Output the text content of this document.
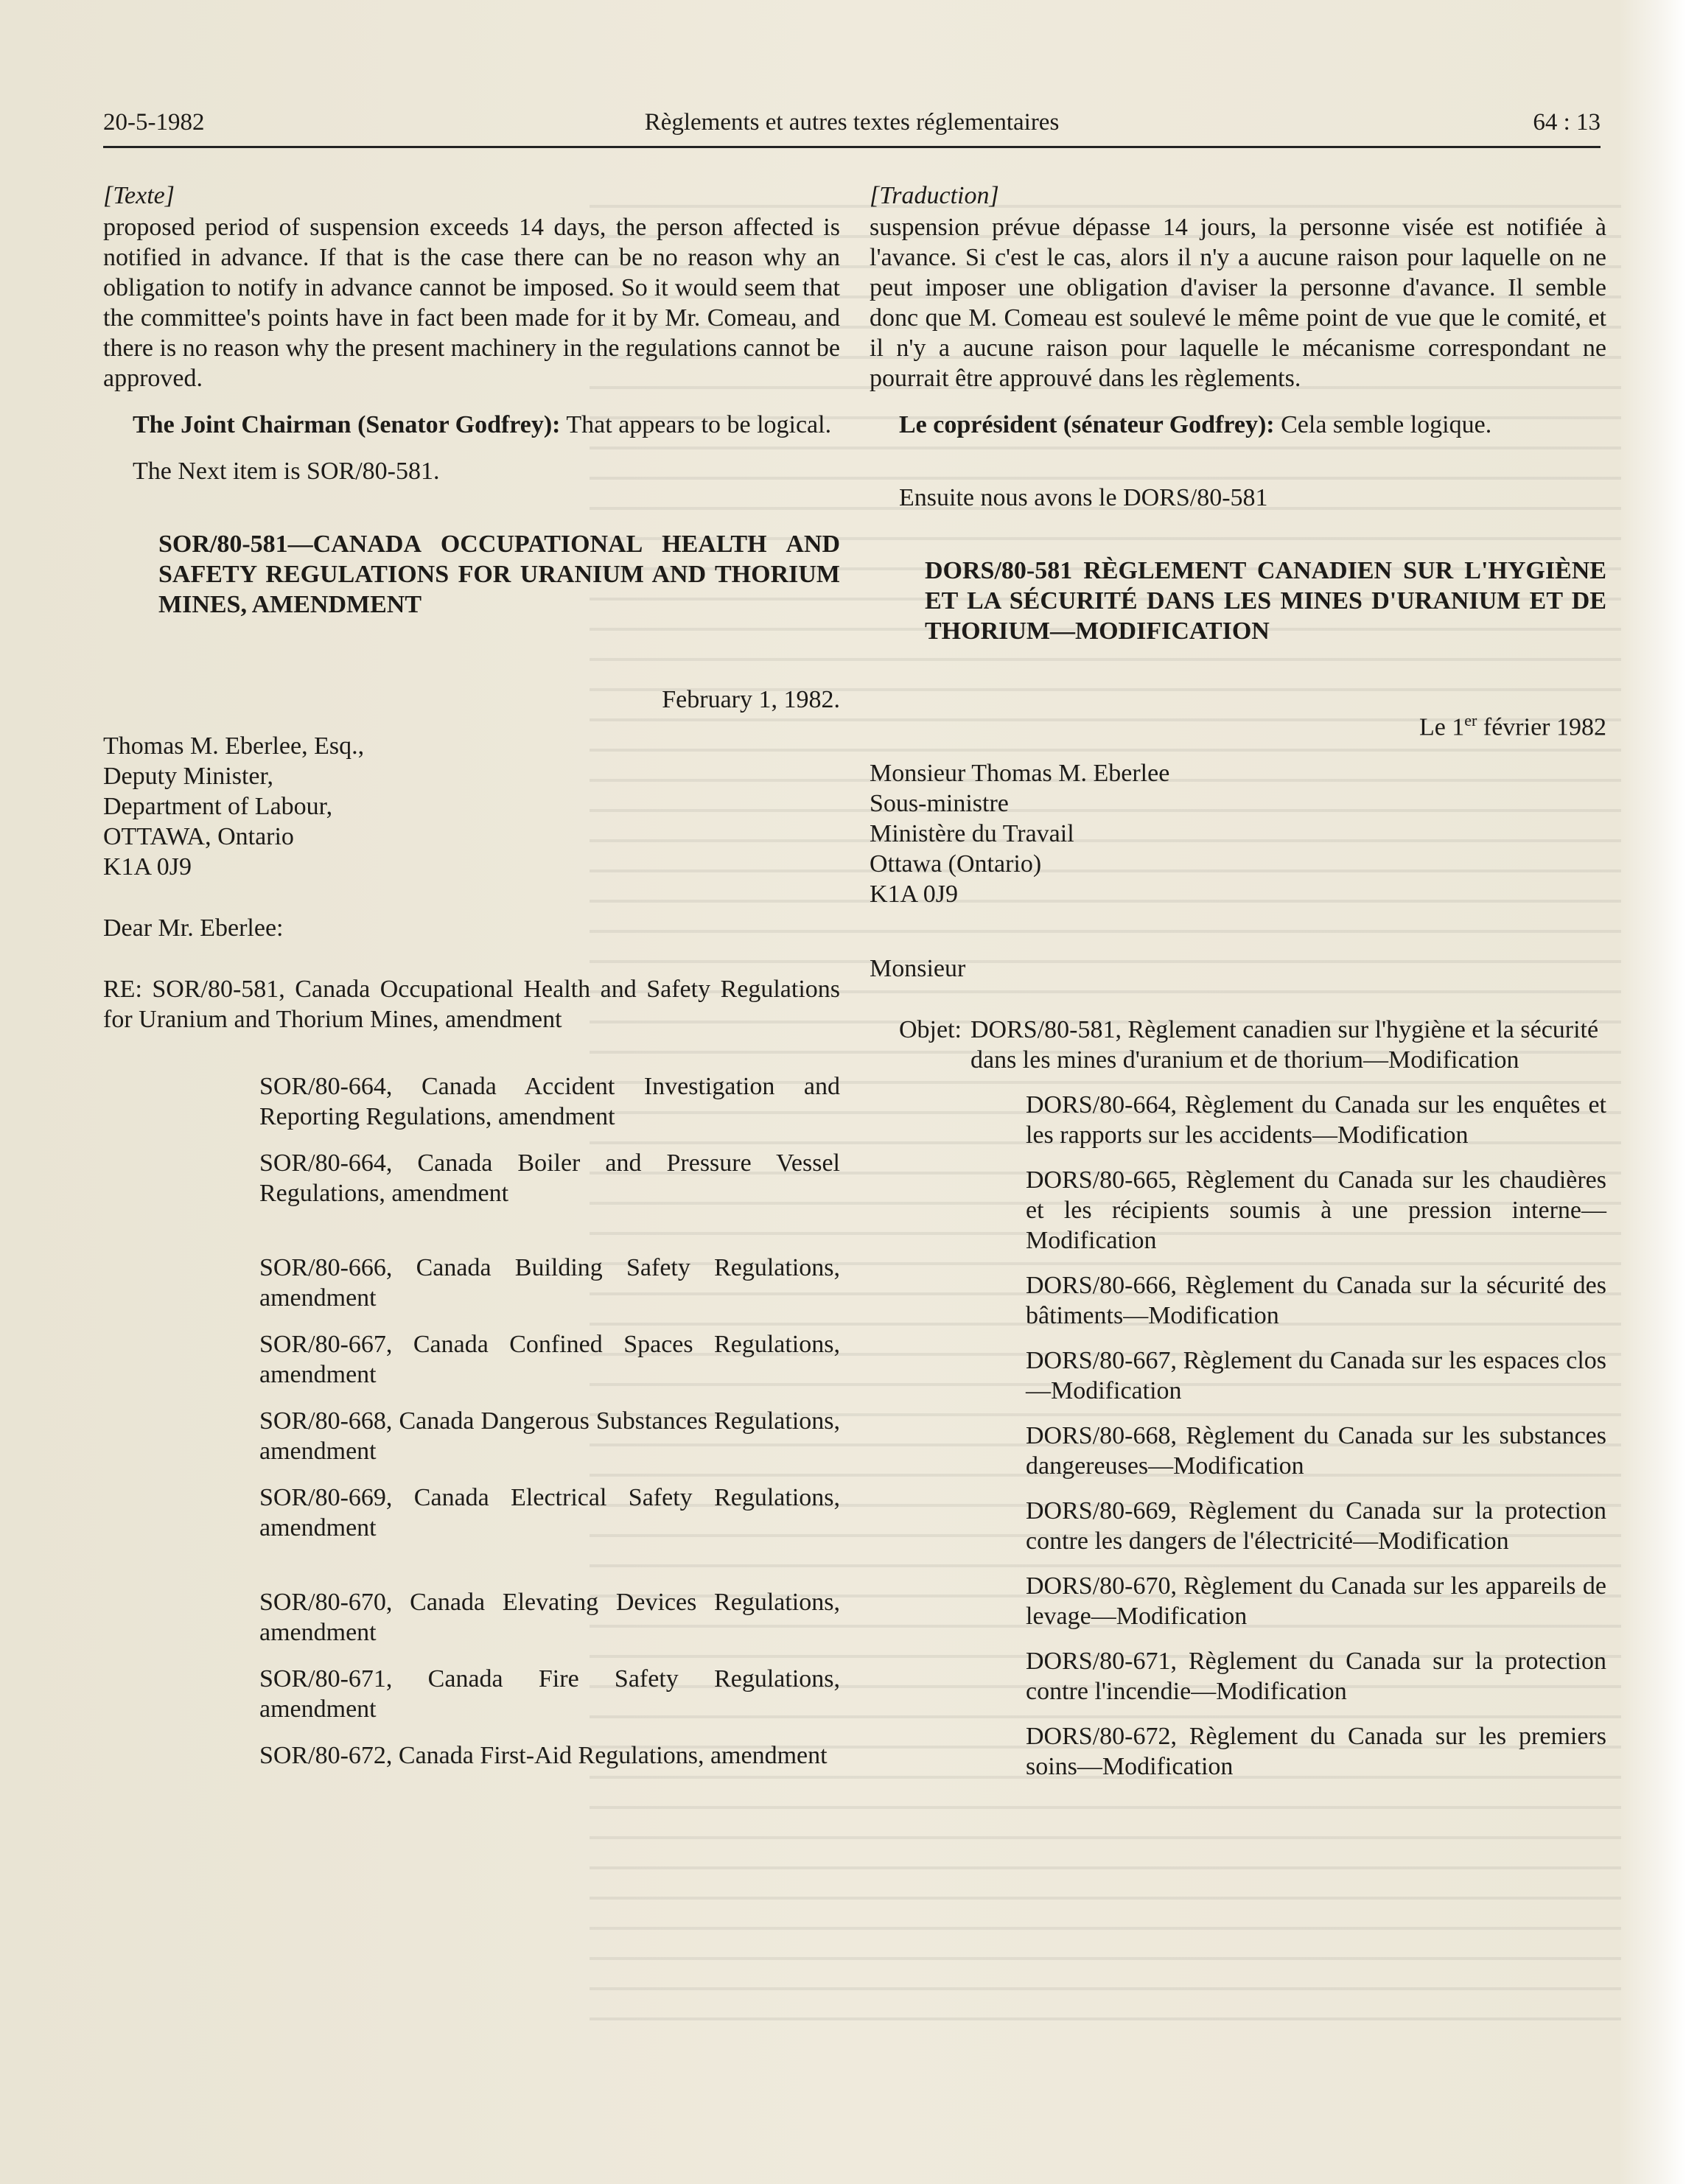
20-5-1982	Règlements et autres textes réglementaires	64 : 13

[Texte]

proposed period of suspension exceeds 14 days, the person affected is notified in advance. If that is the case there can be no reason why an obligation to notify in advance cannot be imposed. So it would seem that the committee's points have in fact been made for it by Mr. Comeau, and there is no reason why the present machinery in the regulations cannot be approved.

The Joint Chairman (Senator Godfrey): That appears to be logical.

The Next item is SOR/80-581.

SOR/80-581—CANADA OCCUPATIONAL HEALTH AND SAFETY REGULATIONS FOR URANIUM AND THORIUM MINES, AMENDMENT

February 1, 1982.

Thomas M. Eberlee, Esq.,

Deputy Minister,

Department of Labour,

OTTAWA, Ontario

K1A 0J9

Dear Mr. Eberlee:

RE: SOR/80-581, Canada Occupational Health and Safety Regulations for Uranium and Thorium Mines, amendment

SOR/80-664, Canada Accident Investigation and Reporting Regulations, amendment

SOR/80-664, Canada Boiler and Pressure Vessel Regulations, amendment

SOR/80-666, Canada Building Safety Regulations, amendment

SOR/80-667, Canada Confined Spaces Regulations, amendment

SOR/80-668, Canada Dangerous Substances Regulations, amendment

SOR/80-669, Canada Electrical Safety Regulations, amendment

SOR/80-670, Canada Elevating Devices Regulations, amendment

SOR/80-671, Canada Fire Safety Regulations, amendment

SOR/80-672, Canada First-Aid Regulations, amendment

[Traduction]

suspension prévue dépasse 14 jours, la personne visée est notifiée à l'avance. Si c'est le cas, alors il n'y a aucune raison pour laquelle on ne peut imposer une obligation d'aviser la personne d'avance. Il semble donc que M. Comeau est soulevé le même point de vue que le comité, et il n'y a aucune raison pour laquelle le mécanisme correspondant ne pourrait être approuvé dans les règlements.

Le coprésident (sénateur Godfrey): Cela semble logique.

Ensuite nous avons le DORS/80-581

DORS/80-581 RÈGLEMENT CANADIEN SUR L'HYGIÈNE ET LA SÉCURITÉ DANS LES MINES D'URANIUM ET DE THORIUM—MODIFICATION

Le 1er février 1982

Monsieur Thomas M. Eberlee

Sous-ministre

Ministère du Travail

Ottawa (Ontario)

K1A 0J9

Monsieur

Objet: DORS/80-581, Règlement canadien sur l'hygiène et la sécurité dans les mines d'uranium et de thorium—Modification

DORS/80-664, Règlement du Canada sur les enquêtes et les rapports sur les accidents—Modification

DORS/80-665, Règlement du Canada sur les chaudières et les récipients soumis à une pression interne—Modification

DORS/80-666, Règlement du Canada sur la sécurité des bâtiments—Modification

DORS/80-667, Règlement du Canada sur les espaces clos—Modification

DORS/80-668, Règlement du Canada sur les substances dangereuses—Modification

DORS/80-669, Règlement du Canada sur la protection contre les dangers de l'électricité—Modification

DORS/80-670, Règlement du Canada sur les appareils de levage—Modification

DORS/80-671, Règlement du Canada sur la protection contre l'incendie—Modification

DORS/80-672, Règlement du Canada sur les premiers soins—Modification
